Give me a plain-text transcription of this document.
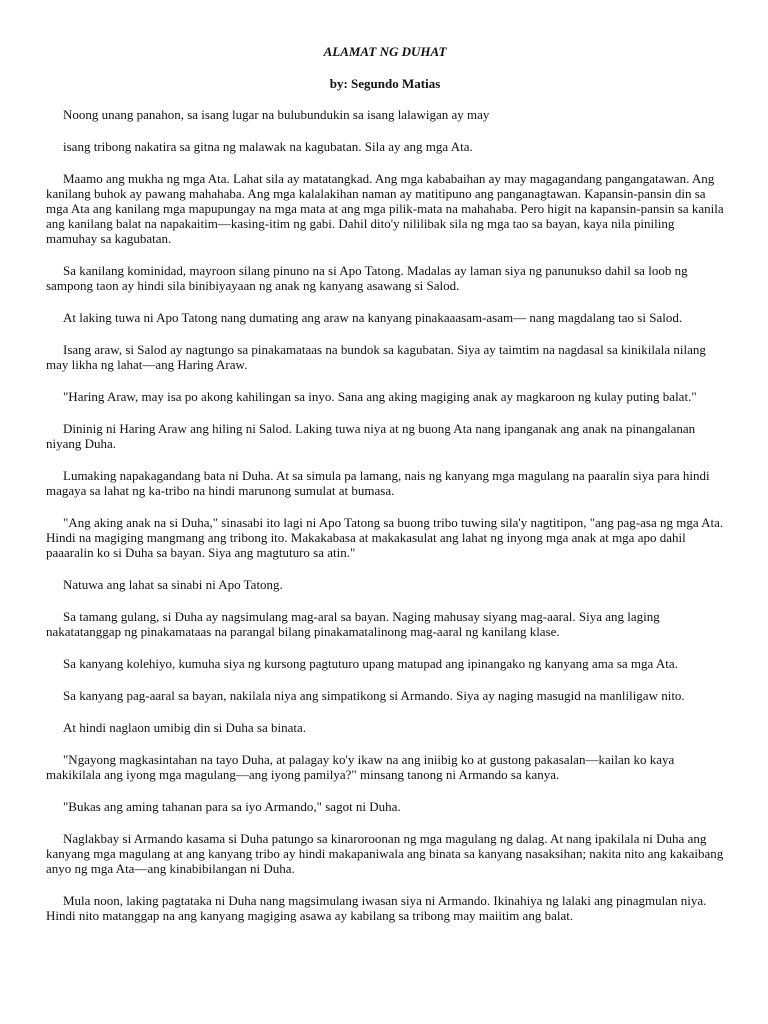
ALAMAT NG DUHAT
by: Segundo Matias

Noong unang panahon, sa isang lugar na bulubundukin sa isang lalawigan ay may

isang tribong nakatira sa gitna ng malawak na kagubatan. Sila ay ang mga Ata.

Maamo ang mukha ng mga Ata. Lahat sila ay matatangkad. Ang mga kababaihan ay may magagandang pangangatawan. Ang kanilang buhok ay pawang mahahaba. Ang mga kalalakihan naman ay matitipuno ang panganagtawan. Kapansin-pansin din sa mga Ata ang kanilang mga mapupungay na mga mata at ang mga pilik-mata na mahahaba. Pero higit na kapansin-pansin sa kanila ang kanilang balat na napakaitim—kasing-itim ng gabi. Dahil dito'y nililibak sila ng mga tao sa bayan, kaya nila piniling mamuhay sa kagubatan.

Sa kanilang kominidad, mayroon silang pinuno na si Apo Tatong. Madalas ay laman siya ng panunukso dahil sa loob ng sampong taon ay hindi sila binibiyayaan ng anak ng kanyang asawang si Salod.

At laking tuwa ni Apo Tatong nang dumating ang araw na kanyang pinakaaasam-asam— nang magdalang tao si Salod.

Isang araw, si Salod ay nagtungo sa pinakamataas na bundok sa kagubatan. Siya ay taimtim na nagdasal sa kinikilala nilang may likha ng lahat—ang Haring Araw.

"Haring Araw, may isa po akong kahilingan sa inyo. Sana ang aking magiging anak ay magkaroon ng kulay puting balat."

Dininig ni Haring Araw ang hiling ni Salod. Laking tuwa niya at ng buong Ata nang ipanganak ang anak na pinangalanan niyang Duha.

Lumaking napakagandang bata ni Duha. At sa simula pa lamang, nais ng kanyang mga magulang na paaralin siya para hindi magaya sa lahat ng ka-tribo na hindi marunong sumulat at bumasa.

"Ang aking anak na si Duha," sinasabi ito lagi ni Apo Tatong sa buong tribo tuwing sila'y nagtitipon, "ang pag-asa ng mga Ata. Hindi na magiging mangmang ang tribong ito. Makakabasa at makakasulat ang lahat ng inyong mga anak at mga apo dahil paaaralin ko si Duha sa bayan. Siya ang magtuturo sa atin."

Natuwa ang lahat sa sinabi ni Apo Tatong.

Sa tamang gulang, si Duha ay nagsimulang mag-aral sa bayan. Naging mahusay siyang mag-aaral. Siya ang laging nakatatanggap ng pinakamataas na parangal bilang pinakamatalinong mag-aaral ng kanilang klase.

Sa kanyang kolehiyo, kumuha siya ng kursong pagtuturo upang matupad ang ipinangako ng kanyang ama sa mga Ata.

Sa kanyang pag-aaral sa bayan, nakilala niya ang simpatikong si Armando. Siya ay naging masugid na manliligaw nito.

At hindi naglaon umibig din si Duha sa binata.

"Ngayong magkasintahan na tayo Duha, at palagay ko'y ikaw na ang iniibig ko at gustong pakasalan—kailan ko kaya makikilala ang iyong mga magulang—ang iyong pamilya?" minsang tanong ni Armando sa kanya.

"Bukas ang aming tahanan para sa iyo Armando," sagot ni Duha.

Naglakbay si Armando kasama si Duha patungo sa kinaroroonan ng mga magulang ng dalag. At nang ipakilala ni Duha ang kanyang mga magulang at ang kanyang tribo ay hindi makapaniwala ang binata sa kanyang nasaksihan; nakita nito ang kakaibang anyo ng mga Ata—ang kinabibilangan ni Duha.

Mula noon, laking pagtataka ni Duha nang magsimulang iwasan siya ni Armando. Ikinahiya ng lalaki ang pinagmulan niya. Hindi nito matanggap na ang kanyang magiging asawa ay kabilang sa tribong may maiitim ang balat.
